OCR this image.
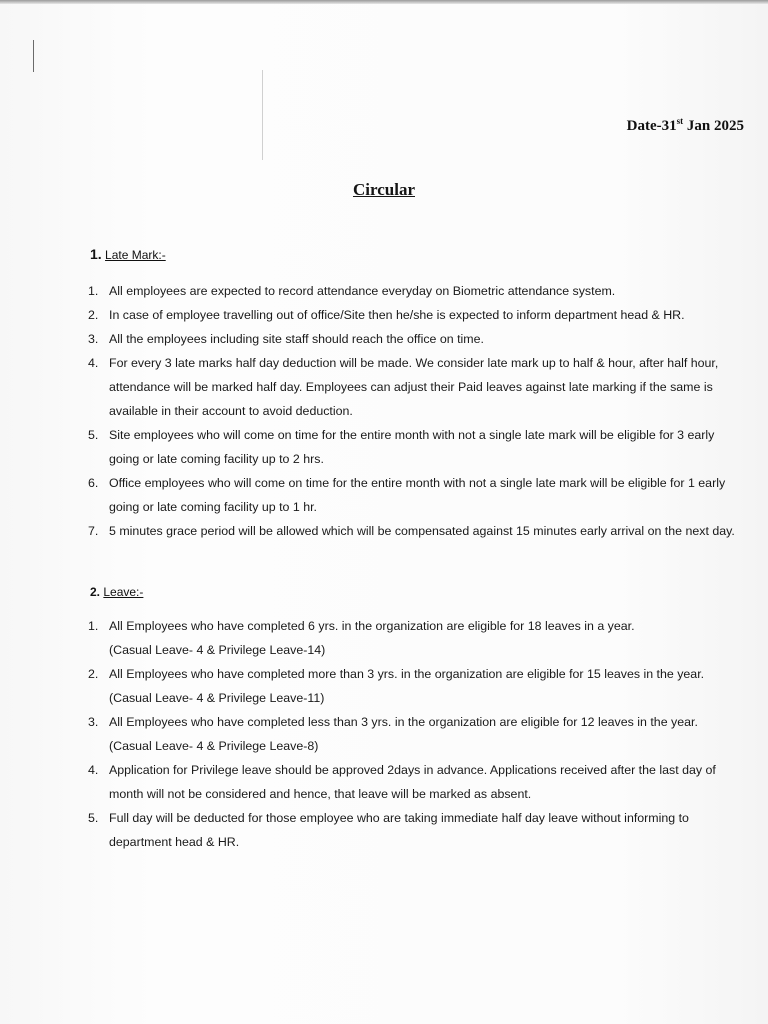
Date-31st Jan 2025
Circular
1. Late Mark:-
1. All employees are expected to record attendance everyday on Biometric attendance system.
2. In case of employee travelling out of office/Site then he/she is expected to inform department head & HR.
3. All the employees including site staff should reach the office on time.
4. For every 3 late marks half day deduction will be made. We consider late mark up to half & hour, after half hour, attendance will be marked half day. Employees can adjust their Paid leaves against late marking if the same is available in their account to avoid deduction.
5. Site employees who will come on time for the entire month with not a single late mark will be eligible for 3 early going or late coming facility up to 2 hrs.
6. Office employees who will come on time for the entire month with not a single late mark will be eligible for 1 early going or late coming facility up to 1 hr.
7. 5 minutes grace period will be allowed which will be compensated against 15 minutes early arrival on the next day.
2. Leave:-
1. All Employees who have completed 6 yrs. in the organization are eligible for 18 leaves in a year.
(Casual Leave- 4 & Privilege Leave-14)
2. All Employees who have completed more than 3 yrs. in the organization are eligible for 15 leaves in the year. (Casual Leave- 4 & Privilege Leave-11)
3. All Employees who have completed less than 3 yrs. in the organization are eligible for 12 leaves in the year.
(Casual Leave- 4 & Privilege Leave-8)
4. Application for Privilege leave should be approved 2days in advance. Applications received after the last day of month will not be considered and hence, that leave will be marked as absent.
5. Full day will be deducted for those employee who are taking immediate half day leave without informing to department head & HR.
